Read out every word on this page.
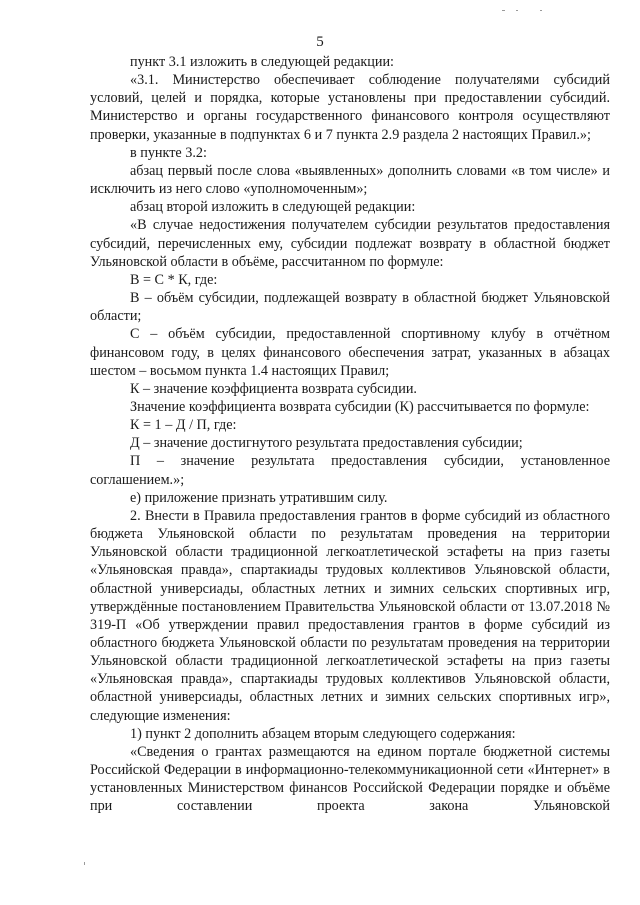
5

пункт 3.1 изложить в следующей редакции:

«3.1. Министерство обеспечивает соблюдение получателями субсидий условий, целей и порядка, которые установлены при предоставлении субсидий. Министерство и органы государственного финансового контроля осуществляют проверки, указанные в подпунктах 6 и 7 пункта 2.9 раздела 2 настоящих Правил.»;

в пункте 3.2:

абзац первый после слова «выявленных» дополнить словами «в том числе» и исключить из него слово «уполномоченным»;

абзац второй изложить в следующей редакции:

«В случае недостижения получателем субсидии результатов предоставления субсидий, перечисленных ему, субсидии подлежат возврату в областной бюджет Ульяновской области в объёме, рассчитанном по формуле:

В = С * К, где:

В – объём субсидии, подлежащей возврату в областной бюджет Ульяновской области;

С – объём субсидии, предоставленной спортивному клубу в отчётном финансовом году, в целях финансового обеспечения затрат, указанных в абзацах шестом – восьмом пункта 1.4 настоящих Правил;

К – значение коэффициента возврата субсидии.

Значение коэффициента возврата субсидии (К) рассчитывается по формуле:

К = 1 – Д / П, где:

Д – значение достигнутого результата предоставления субсидии;

П – значение результата предоставления субсидии, установленное соглашением.»;

е) приложение признать утратившим силу.

2. Внести в Правила предоставления грантов в форме субсидий из областного бюджета Ульяновской области по результатам проведения на территории Ульяновской области традиционной легкоатлетической эстафеты на приз газеты «Ульяновская правда», спартакиады трудовых коллективов Ульяновской области, областной универсиады, областных летних и зимних сельских спортивных игр, утверждённые постановлением Правительства Ульяновской области от 13.07.2018 № 319-П «Об утверждении правил предоставления грантов в форме субсидий из областного бюджета Ульяновской области по результатам проведения на территории Ульяновской области традиционной легкоатлетической эстафеты на приз газеты «Ульяновская правда», спартакиады трудовых коллективов Ульяновской области, областной универсиады, областных летних и зимних сельских спортивных игр», следующие изменения:

1) пункт 2 дополнить абзацем вторым следующего содержания:

«Сведения о грантах размещаются на едином портале бюджетной системы Российской Федерации в информационно-телекоммуникационной сети «Интернет» в установленных Министерством финансов Российской Федерации порядке и объёме при составлении проекта закона Ульяновской
